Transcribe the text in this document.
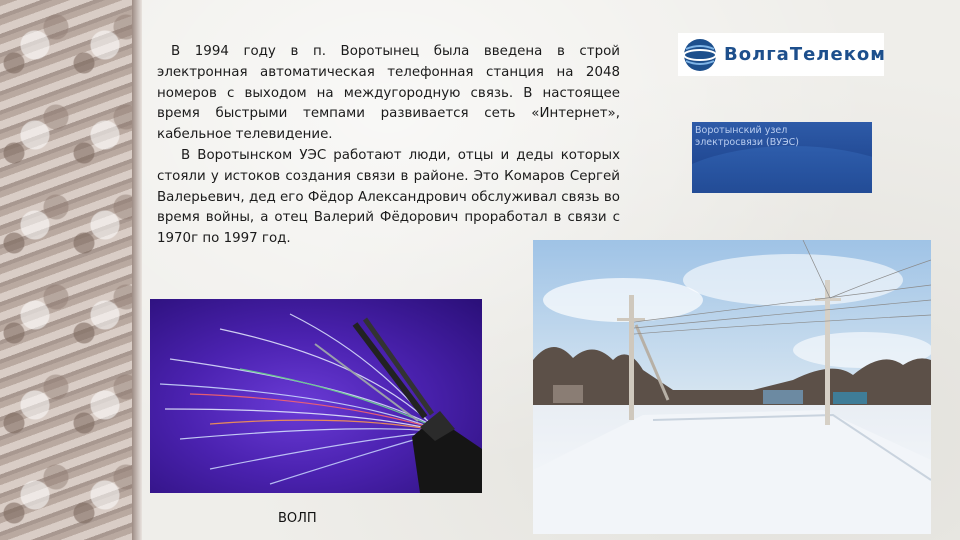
В 1994 году в п. Воротынец была введена в строй электронная автоматическая телефонная станция на 2048 номеров с выходом на междугородную связь. В настоящее время быстрыми темпами развивается сеть «Интернет», кабельное телевидение.

В Воротынском УЭС работают люди, отцы и деды которых стояли у истоков создания связи в районе. Это Комаров Сергей Валерьевич, дед его Фёдор Александрович обслуживал связь во время войны, а отец Валерий Фёдорович проработал в связи с 1970г по 1997 год.

ВолгаТелеком
Воротынский узел
электросвязи (ВУЭС)
ВОЛП
